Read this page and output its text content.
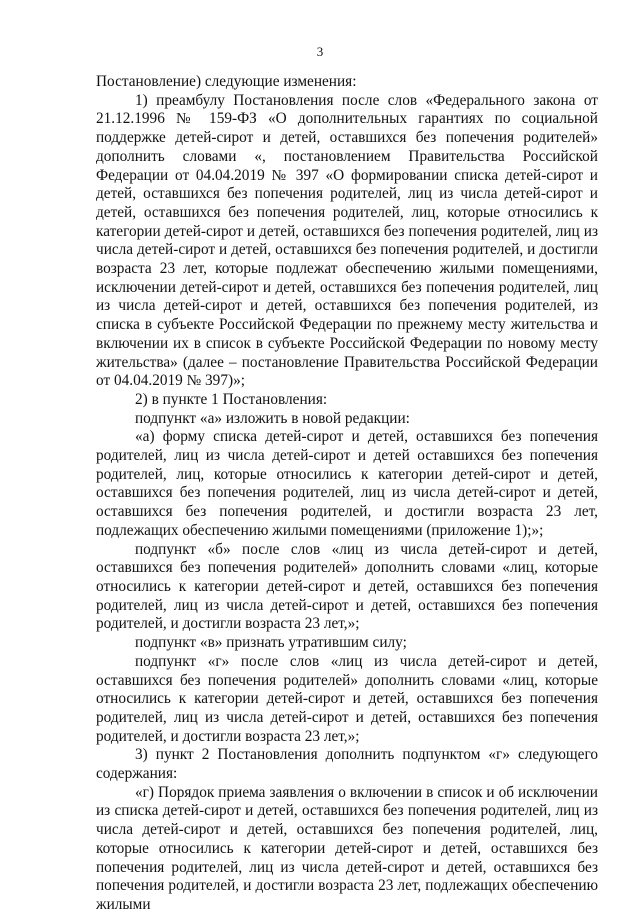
3

Постановление) следующие изменения:

1) преамбулу Постановления после слов «Федерального закона от 21.12.1996 № 159-ФЗ «О дополнительных гарантиях по социальной поддержке детей-сирот и детей, оставшихся без попечения родителей» дополнить словами «, постановлением Правительства Российской Федерации от 04.04.2019 № 397 «О формировании списка детей-сирот и детей, оставшихся без попечения родителей, лиц из числа детей-сирот и детей, оставшихся без попечения родителей, лиц, которые относились к категории детей-сирот и детей, оставшихся без попечения родителей, лиц из числа детей-сирот и детей, оставшихся без попечения родителей, и достигли возраста 23 лет, которые подлежат обеспечению жилыми помещениями, исключении детей-сирот и детей, оставшихся без попечения родителей, лиц из числа детей-сирот и детей, оставшихся без попечения родителей, из списка в субъекте Российской Федерации по прежнему месту жительства и включении их в список в субъекте Российской Федерации по новому месту жительства» (далее – постановление Правительства Российской Федерации от 04.04.2019 № 397)»;

2) в пункте 1 Постановления:

подпункт «а» изложить в новой редакции:

«а) форму списка детей-сирот и детей, оставшихся без попечения родителей, лиц из числа детей-сирот и детей оставшихся без попечения родителей, лиц, которые относились к категории детей-сирот и детей, оставшихся без попечения родителей, лиц из числа детей-сирот и детей, оставшихся без попечения родителей, и достигли возраста 23 лет, подлежащих обеспечению жилыми помещениями (приложение 1);»;

подпункт «б» после слов «лиц из числа детей-сирот и детей, оставшихся без попечения родителей» дополнить словами «лиц, которые относились к категории детей-сирот и детей, оставшихся без попечения родителей, лиц из числа детей-сирот и детей, оставшихся без попечения родителей, и достигли возраста 23 лет,»;

подпункт «в» признать утратившим силу;

подпункт «г» после слов «лиц из числа детей-сирот и детей, оставшихся без попечения родителей» дополнить словами «лиц, которые относились к категории детей-сирот и детей, оставшихся без попечения родителей, лиц из числа детей-сирот и детей, оставшихся без попечения родителей, и достигли возраста 23 лет,»;

3) пункт 2 Постановления дополнить подпунктом «г» следующего содержания:

«г) Порядок приема заявления о включении в список и об исключении из списка детей-сирот и детей, оставшихся без попечения родителей, лиц из числа детей-сирот и детей, оставшихся без попечения родителей, лиц, которые относились к категории детей-сирот и детей, оставшихся без попечения родителей, лиц из числа детей-сирот и детей, оставшихся без попечения родителей, и достигли возраста 23 лет, подлежащих обеспечению жилыми
